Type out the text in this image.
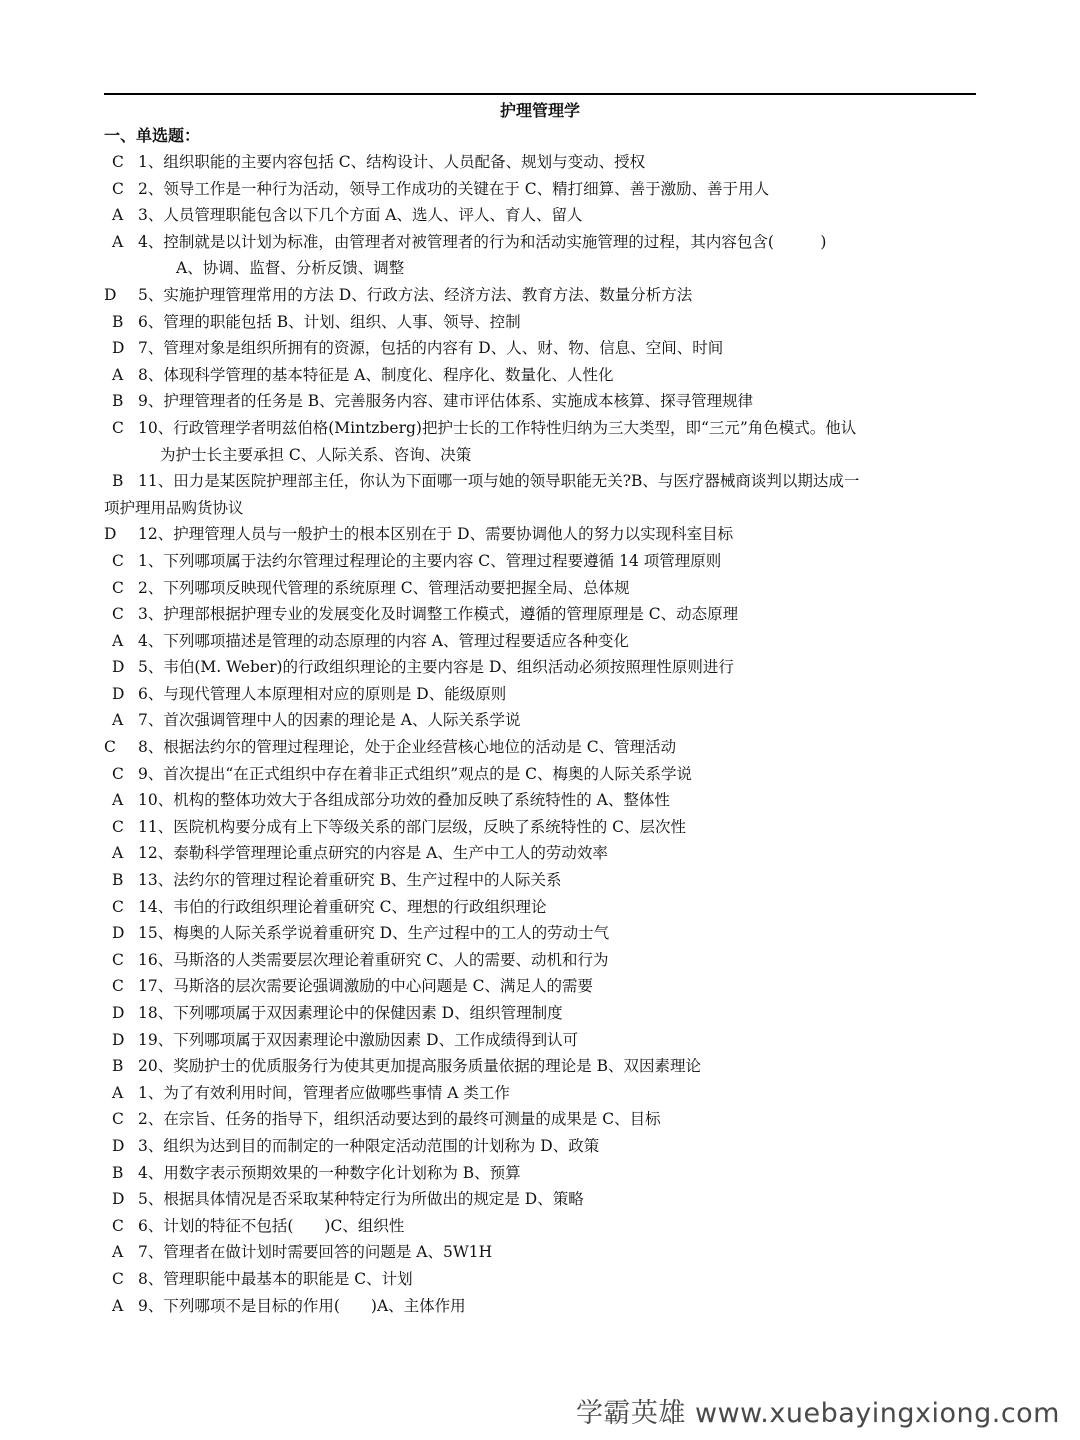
护理管理学
一、单选题：
C 1、组织职能的主要内容包括 C、结构设计、人员配备、规划与变动、授权
C 2、领导工作是一种行为活动，领导工作成功的关键在于 C、精打细算、善于激励、善于用人
A 3、人员管理职能包含以下几个方面 A、选人、评人、育人、留人
A 4、控制就是以计划为标准，由管理者对被管理者的行为和活动实施管理的过程，其内容包含(　　　)
A、协调、监督、分析反馈、调整
D 5、实施护理管理常用的方法 D、行政方法、经济方法、教育方法、数量分析方法
B 6、管理的职能包括 B、计划、组织、人事、领导、控制
D 7、管理对象是组织所拥有的资源，包括的内容有 D、人、财、物、信息、空间、时间
A 8、体现科学管理的基本特征是 A、制度化、程序化、数量化、人性化
B 9、护理管理者的任务是 B、完善服务内容、建市评估体系、实施成本核算、探寻管理规律
C 10、行政管理学者明兹伯格(Mintzberg)把护士长的工作特性归纳为三大类型，即“三元”角色模式。他认
为护士长主要承担 C、人际关系、咨询、决策
B 11、田力是某医院护理部主任，你认为下面哪一项与她的领导职能无关?B、与医疗器械商谈判以期达成一
项护理用品购货协议
D 12、护理管理人员与一般护士的根本区别在于 D、需要协调他人的努力以实现科室目标
C 1、下列哪项属于法约尔管理过程理论的主要内容 C、管理过程要遵循 14 项管理原则
C 2、下列哪项反映现代管理的系统原理 C、管理活动要把握全局、总体规
C 3、护理部根据护理专业的发展变化及时调整工作模式，遵循的管理原理是 C、动态原理
A 4、下列哪项描述是管理的动态原理的内容 A、管理过程要适应各种变化
D 5、韦伯(M. Weber)的行政组织理论的主要内容是 D、组织活动必须按照理性原则进行
D 6、与现代管理人本原理相对应的原则是 D、能级原则
A 7、首次强调管理中人的因素的理论是 A、人际关系学说
C 8、根据法约尔的管理过程理论，处于企业经营核心地位的活动是 C、管理活动
C 9、首次提出“在正式组织中存在着非正式组织”观点的是 C、梅奥的人际关系学说
A 10、机构的整体功效大于各组成部分功效的叠加反映了系统特性的 A、整体性
C 11、医院机构要分成有上下等级关系的部门层级，反映了系统特性的 C、层次性
A 12、泰勒科学管理理论重点研究的内容是 A、生产中工人的劳动效率
B 13、法约尔的管理过程论着重研究 B、生产过程中的人际关系
C 14、韦伯的行政组织理论着重研究 C、理想的行政组织理论
D 15、梅奥的人际关系学说着重研究 D、生产过程中的工人的劳动士气
C 16、马斯洛的人类需要层次理论着重研究 C、人的需要、动机和行为
C 17、马斯洛的层次需要论强调激励的中心问题是 C、满足人的需要
D 18、下列哪项属于双因素理论中的保健因素 D、组织管理制度
D 19、下列哪项属于双因素理论中激励因素 D、工作成绩得到认可
B 20、奖励护士的优质服务行为使其更加提高服务质量依据的理论是 B、双因素理论
A 1、为了有效利用时间，管理者应做哪些事情 A 类工作
C 2、在宗旨、任务的指导下，组织活动要达到的最终可测量的成果是 C、目标
D 3、组织为达到目的而制定的一种限定活动范围的计划称为 D、政策
B 4、用数字表示预期效果的一种数字化计划称为 B、预算
D 5、根据具体情况是否采取某种特定行为所做出的规定是 D、策略
C 6、计划的特征不包括(　　)C、组织性
A 7、管理者在做计划时需要回答的问题是 A、5W1H
C 8、管理职能中最基本的职能是 C、计划
A 9、下列哪项不是目标的作用(　　)A、主体作用
学霸英雄 www.xuebayingxiong.com
